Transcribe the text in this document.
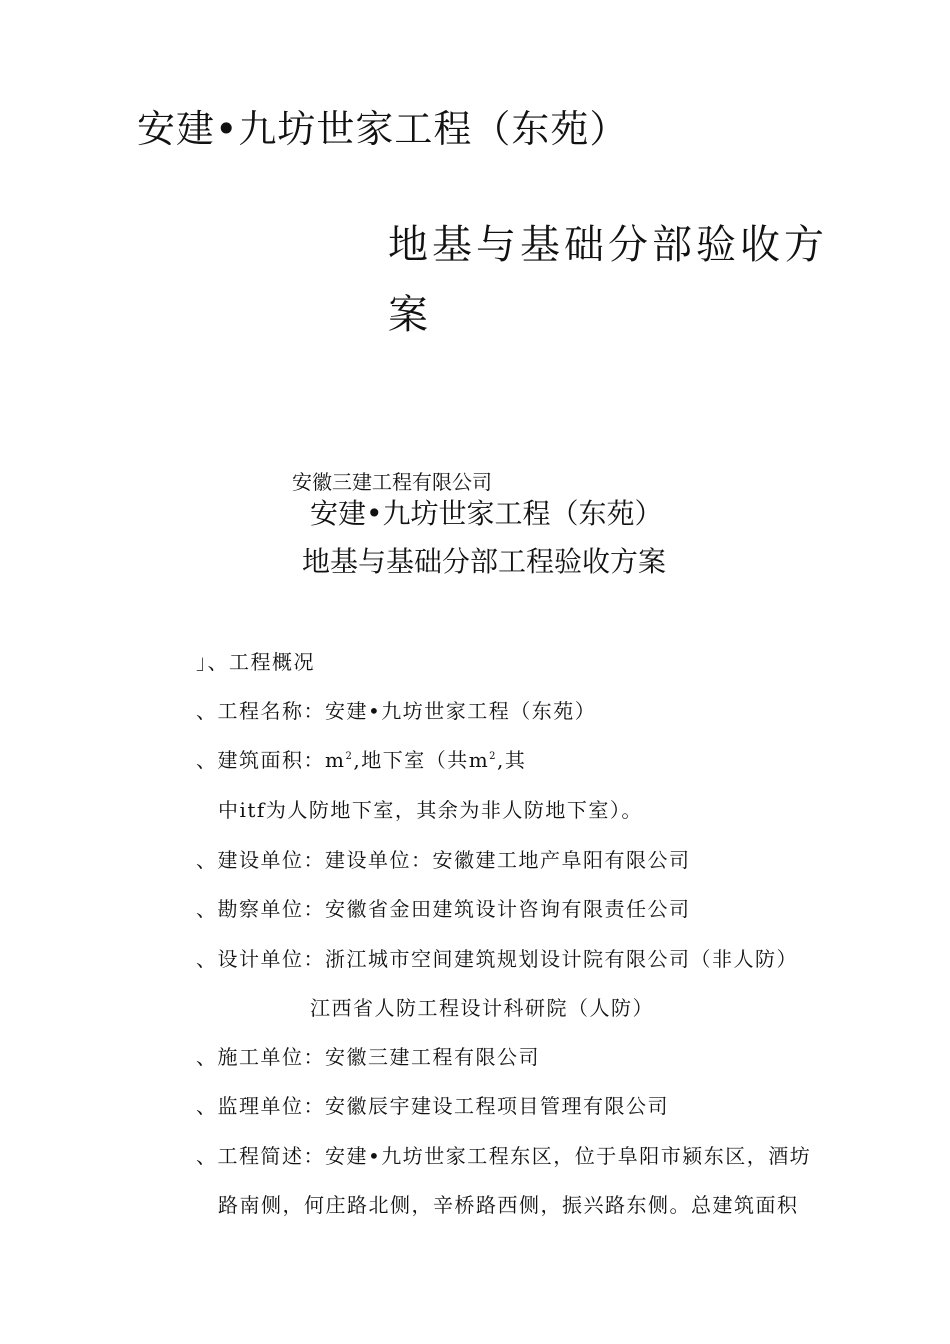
安建•九坊世家工程（东苑）
地基与基础分部验收方
案
安徽三建工程有限公司
安建•九坊世家工程（东苑）
地基与基础分部工程验收方案
」、工程概况
、工程名称：安建•九坊世家工程（东苑）
、建筑面积：$m^2$,地下室（共$m^2$,其
中itf为人防地下室，其余为非人防地下室）。
、建设单位：建设单位：安徽建工地产阜阳有限公司
、勘察单位：安徽省金田建筑设计咨询有限责任公司
、设计单位：浙江城市空间建筑规划设计院有限公司（非人防）
江西省人防工程设计科研院（人防）
、施工单位：安徽三建工程有限公司
、监理单位：安徽辰宇建设工程项目管理有限公司
、工程简述：安建•九坊世家工程东区，位于阜阳市颍东区，酒坊
路南侧，何庄路北侧，辛桥路西侧，振兴路东侧。总建筑面积
